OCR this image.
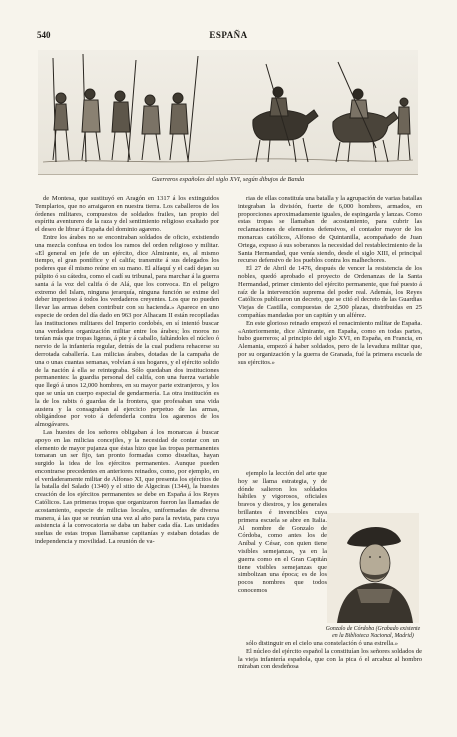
540	ESPAÑA
Guerreros españoles del siglo XVI, según dibujos de Banda

de Montesa, que sustituyó en Aragón en 1317 á los extinguidos Templarios, que no arraigaron en nuestra tierra. Los caballeros de los órdenes militares, compuestos de soldados frailes, tan propio del espíritu aventurero de la raza y del sentimiento religioso exaltado por el deseo de librar á España del dominio agareno.

Entre los árabes no se encontraban soldados de oficio, existiendo una mezcla confusa en todos los ramos del orden religioso y militar. «El general en jefe de un ejército, dice Almirante, es, al mismo tiempo, el gran pontífice y el califa; transmite á sus delegados los poderes que él mismo reúne en su mano. El alfaquí y el cadí dejan su púlpito ó su cátedra, como el cadí su tribunal, para marchar á la guerra santa á la voz del califa ó de Alá, que los convoca. En el peligro extremo del Islam, ninguna jerarquía, ninguna función se exime del deber imperioso á todos los verdaderos creyentes. Los que no pueden llevar las armas deben contribuir con su hacienda.» Aparece en uno especie de orden del día dado en 963 por Alhacam II están recopiladas las instituciones militares del Imperio cordobés, en sí intentó buscar una verdadera organización militar entre los árabes; los moros no tenían más que tropas ligeras, á pie y á caballo, faltándoles el núcleo ó nervio de la infantería regular, detrás de la cual pudiera rehacerse su derrotada caballería. Las milicias árabes, dotadas de la campaña de una o unas cuantas semanas, volvían á sus hogares, y el ejército solido de la nación á ella se reintegraba. Sólo quedaban dos instituciones permanentes: la guardia personal del califa, con una fuerza variable que llegó á unos 12,000 hombres, en su mayor parte extranjeros, y los que se unía un cuerpo especial de gendarmería. La otra institución es la de los rabits ó guardas de la frontera, que profesaban una vida austera y la consagraban al ejercicio perpetuo de las armas, obligándose por voto á defenderla contra los agarenos de los almogávares.

Las huestes de los señores obligaban á los monarcas á buscar apoyo en las milicias concejiles, y la necesidad de contar con un elemento de mayor pujanza que éstas hizo que las tropas permanentes tomaran un ser fijo, tan pronto formadas como disueltas, hayan surgido la idea de los ejércitos permanentes. Aunque pueden encontrarse precedentes en anteriores reinados, como, por ejemplo, en el verdaderamente militar de Alfonso XI, que presenta los ejércitos de la batalla del Salado (1340) y el sitio de Algeciras (1344), la huestes creación de los ejércitos permanentes se debe en España á los Reyes Católicos. Las primeras tropas que organizaron fueron las llamadas de acostamiento, especie de milicias locales, uniformadas de diversa manera, á las que se reunían una vez al año para la revista, para cuya asistencia á la convocatoria se daba un haber cada día. Las unidades sueltas de estas tropas llamábanse capitanías y estaban dotadas de independencia y movilidad. La reunión de va-

rias de ellas constituía una batalla y la agrupación de varias batallas integraban la división, fuerte de 6,000 hombres, armados, en proporciones aproximadamente iguales, de espingarda y lanzas. Como estas tropas se llamaban de acostamiento, para cubrir las reclamaciones de elementos defensivos, el contador mayor de los monarcas católicos, Alfonso de Quintanilla, acompañado de Juan Ortega, expuso á sus soberanos la necesidad del restablecimiento de la Santa Hermandad, que venía siendo, desde el siglo XIII, el principal recurso defensivo de los pueblos contra los malhechores.

El 27 de Abril de 1476, después de vencer la resistencia de los nobles, quedó aprobado el proyecto de Ordenanzas de la Santa Hermandad, primer cimiento del ejército permanente, que fué puesto á raíz de la intervención suprema del poder real. Además, los Reyes Católicos publicaron un decreto, que se citó el decreto de las Guardias Viejas de Castilla, compuestas de 2,500 plazas, distribuidas en 25 compañías mandadas por un capitán y un alférez.

En este glorioso reinado empezó el renacimiento militar de España. «Anteriormente, dice Almirante, en España, como en todas partes, hubo guerreros; al principio del siglo XVI, en España, en Francia, en Alemania, empezó á haber soldados, pero de la levadura militar que, por su organización y la guerra de Granada, fué la primera escuela de sus ejércitos.»

ejemplo la lección del arte que hoy se llama estrategia, y de dónde salieron los soldados hábiles y vigorosos, oficiales bravos y diestros, y los generales brillantes é invencibles cuya primera escuela se abre en Italia. Al nombre de Gonzalo de Córdoba, como antes los de Aníbal y César, con quien tiene visibles semejanzas, ya en la guerra como en el Gran Capitán tiene visibles semejanzas que simbolizan una época; es de los pocos nombres que todos conocemos

Gonzalo de Córdoba (Grabado existente en la Biblioteca Nacional, Madrid)

sólo distinguir en el cielo una constelación ó una estrella.»

El núcleo del ejército español la constituían los señores soldados de la vieja infantería española, que con la pica ó el arcabuz al hombro miraban con desdeñosa
